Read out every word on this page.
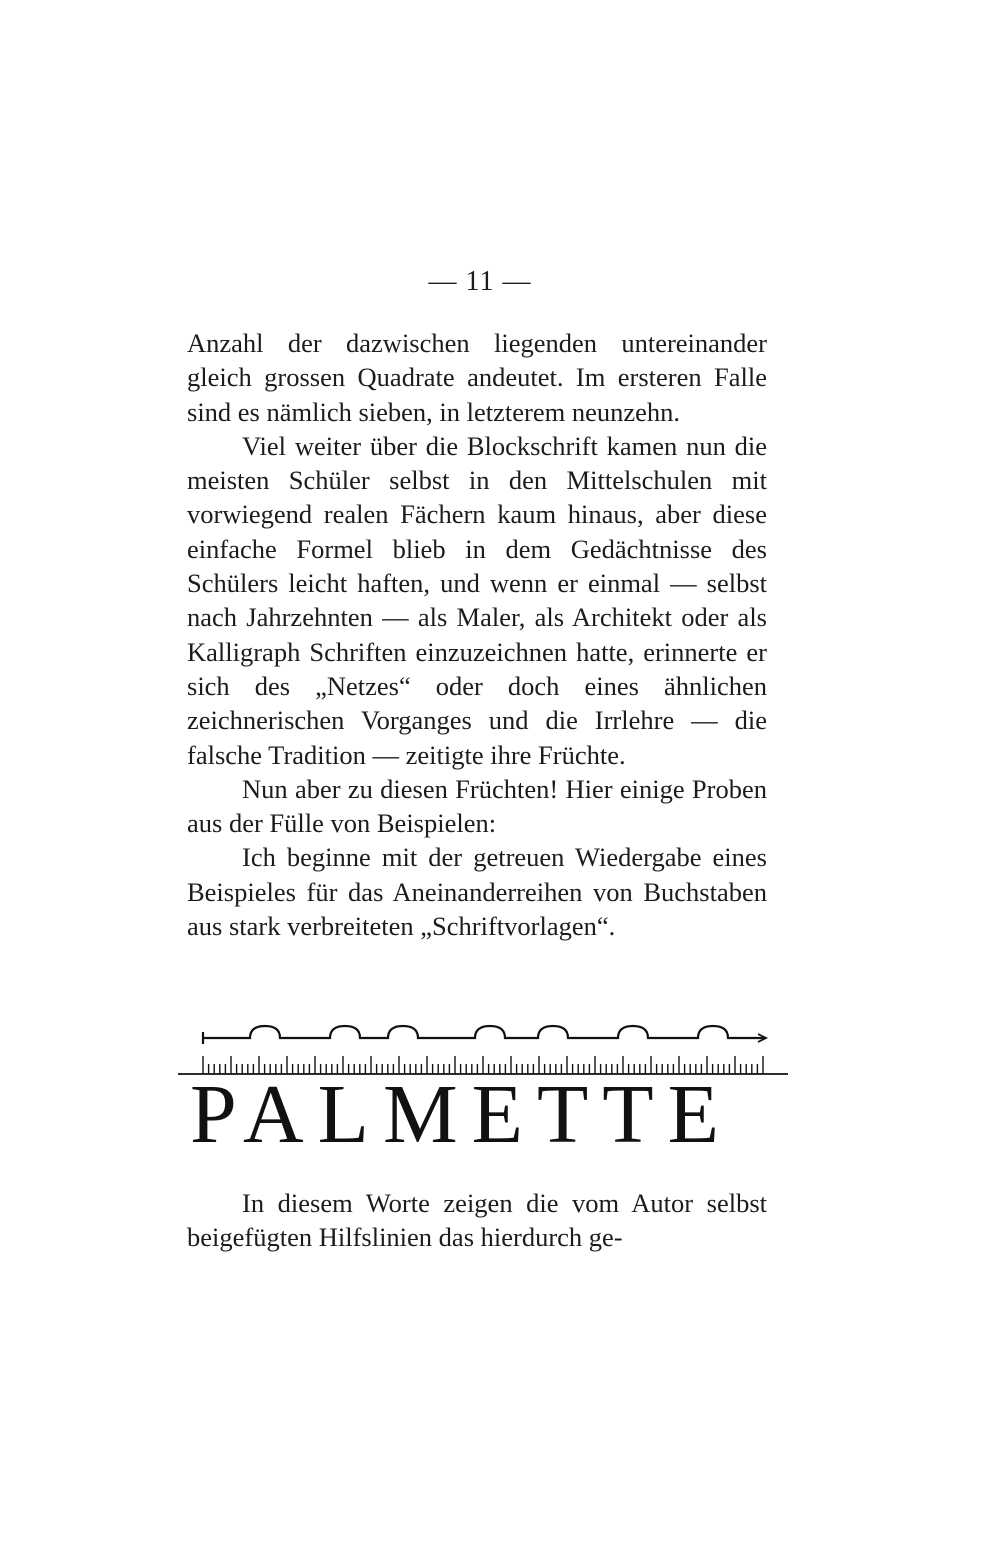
— 11 —

Anzahl der dazwischen liegenden untereinander gleich grossen Quadrate andeutet. Im ersteren Falle sind es nämlich sieben, in letzterem neunzehn.

Viel weiter über die Blockschrift kamen nun die meisten Schüler selbst in den Mittelschulen mit vorwiegend realen Fächern kaum hinaus, aber diese einfache Formel blieb in dem Gedächtnisse des Schülers leicht haften, und wenn er einmal — selbst nach Jahrzehnten — als Maler, als Architekt oder als Kalligraph Schriften einzuzeichnen hatte, erinnerte er sich des „Netzes“ oder doch eines ähnlichen zeichnerischen Vorganges und die Irrlehre — die falsche Tradition — zeitigte ihre Früchte.

Nun aber zu diesen Früchten! Hier einige Proben aus der Fülle von Beispielen:

Ich beginne mit der getreuen Wiedergabe eines Beispieles für das Aneinanderreihen von Buchstaben aus stark verbreiteten „Schriftvorlagen“.

PALMETTE

In diesem Worte zeigen die vom Autor selbst beigefügten Hilfslinien das hierdurch ge-
